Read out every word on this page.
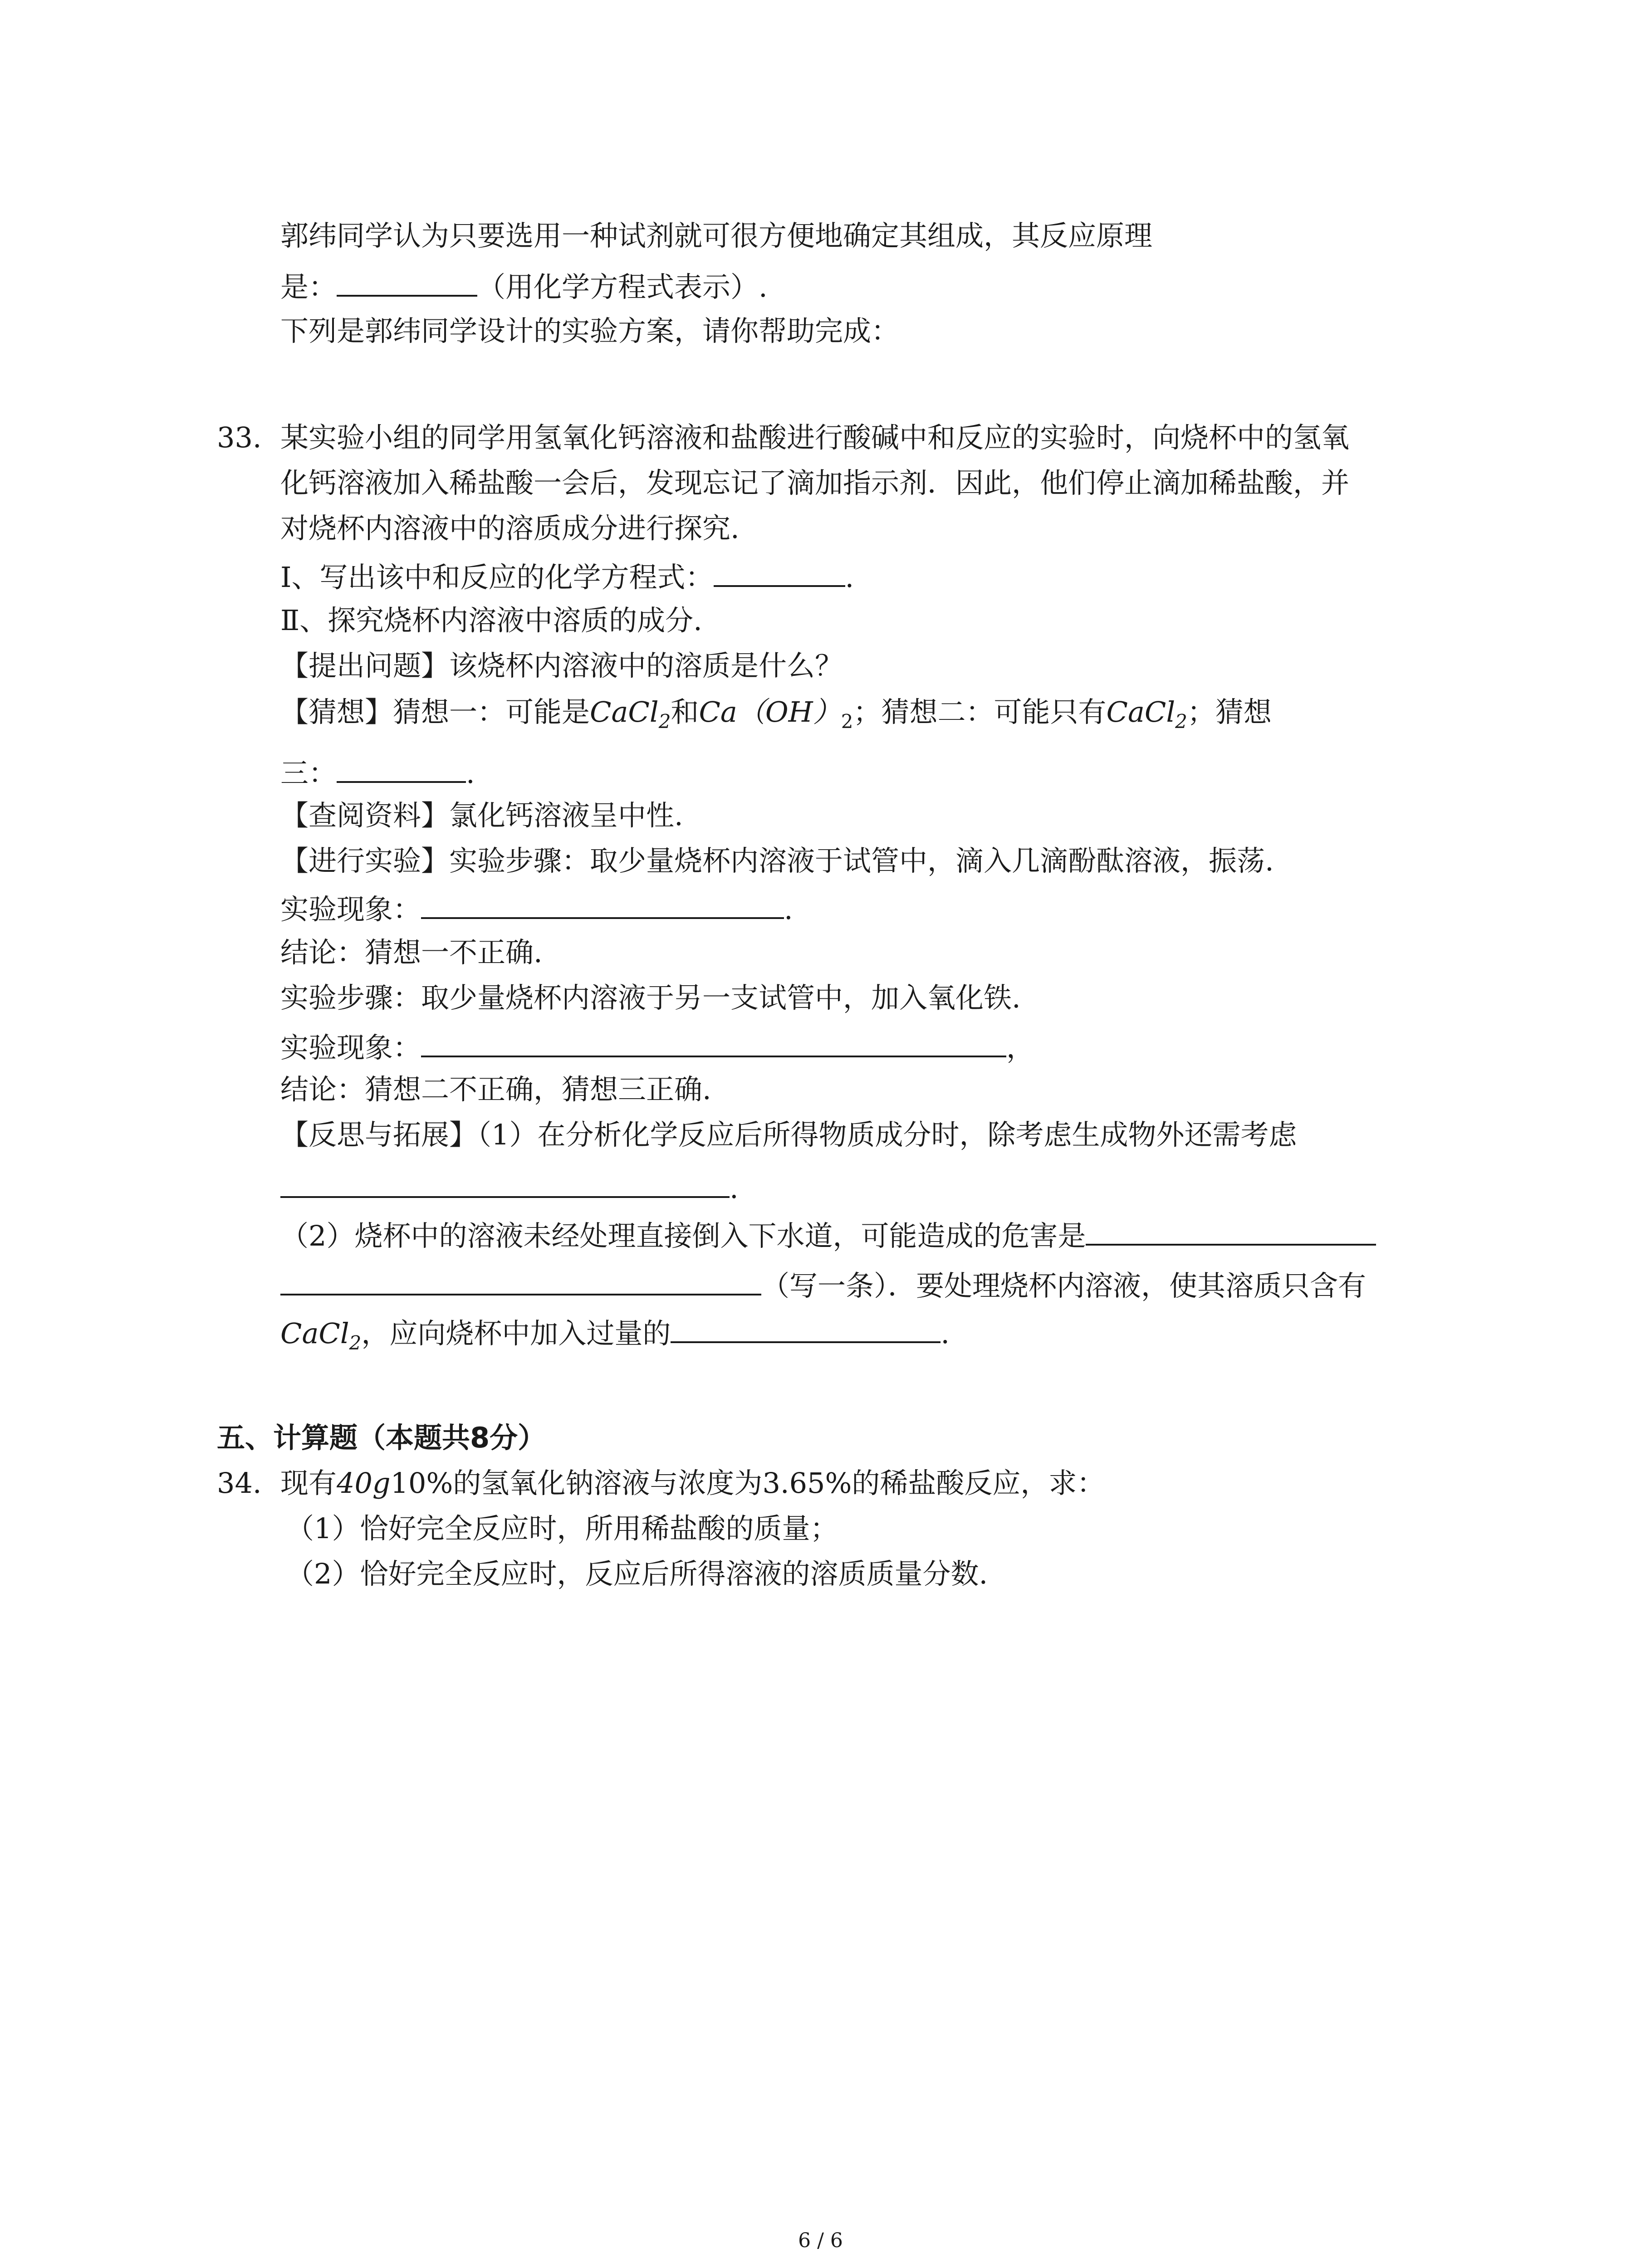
郭纬同学认为只要选用一种试剂就可很方便地确定其组成，其反应原理
是：	（用化学方程式表示）.
下列是郭纬同学设计的实验方案，请你帮助完成：
33. 某实验小组的同学用氢氧化钙溶液和盐酸进行酸碱中和反应的实验时，向烧杯中的氢氧
化钙溶液加入稀盐酸一会后，发现忘记了滴加指示剂．因此，他们停止滴加稀盐酸，并
对烧杯内溶液中的溶质成分进行探究.
Ⅰ、写出该中和反应的化学方程式：	.
Ⅱ、探究烧杯内溶液中溶质的成分.
【提出问题】该烧杯内溶液中的溶质是什么？
【猜想】猜想一：可能是CaCl$_2$和$Ca(OH)_2$；猜想二：可能只有CaCl$_2$；猜想
三：	.
【查阅资料】氯化钙溶液呈中性.
【进行实验】实验步骤：取少量烧杯内溶液于试管中，滴入几滴酚酞溶液，振荡.
实验现象：	.
结论：猜想一不正确.
实验步骤：取少量烧杯内溶液于另一支试管中，加入氧化铁.
实验现象：	，
结论：猜想二不正确，猜想三正确.
【反思与拓展】（1）在分析化学反应后所得物质成分时，除考虑生成物外还需考虑
.
（2）烧杯中的溶液未经处理直接倒入下水道，可能造成的危害是
（写一条）．要处理烧杯内溶液，使其溶质只含有
CaCl$_2$，应向烧杯中加入过量的	.
五、计算题（本题共8分）
34. 现有40g10%的氢氧化钠溶液与浓度为3.65%的稀盐酸反应，求：
（1）恰好完全反应时，所用稀盐酸的质量；
（2）恰好完全反应时，反应后所得溶液的溶质质量分数.
6 / 6
